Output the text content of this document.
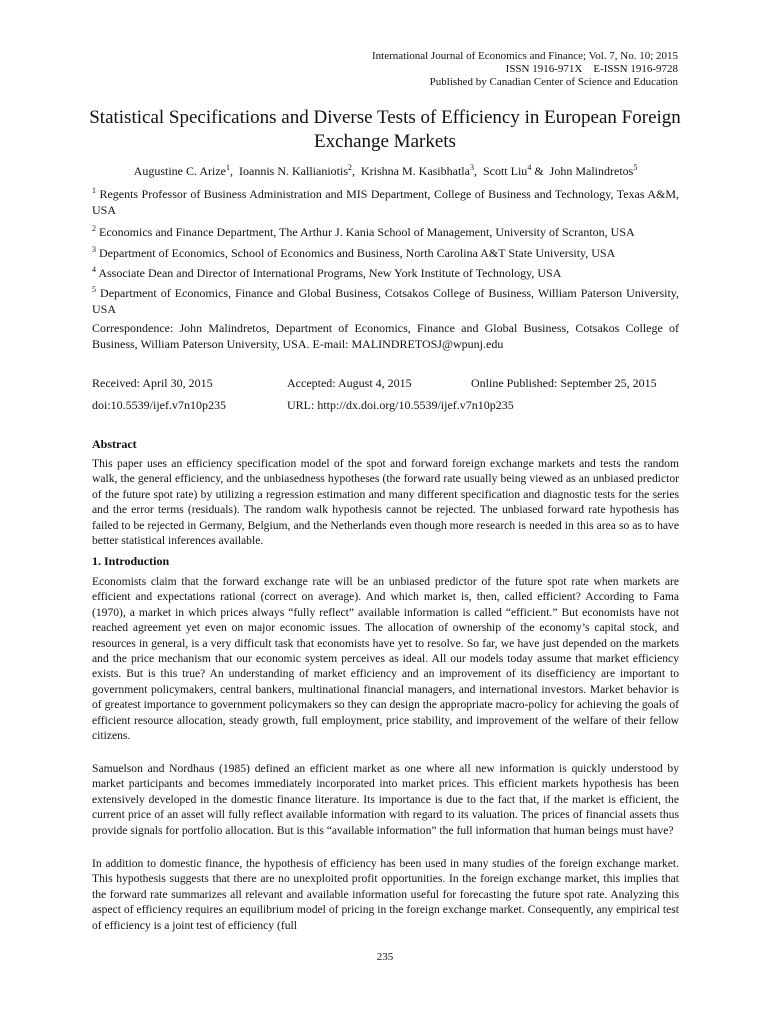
International Journal of Economics and Finance; Vol. 7, No. 10; 2015
ISSN 1916-971X    E-ISSN 1916-9728
Published by Canadian Center of Science and Education
Statistical Specifications and Diverse Tests of Efficiency in European Foreign Exchange Markets
Augustine C. Arize$^1$,  Ioannis N. Kallianiotis$^2$,  Krishna M. Kasibhatla$^3$,  Scott Liu$^4$ &  John Malindretos$^5$
$^1$ Regents Professor of Business Administration and MIS Department, College of Business and Technology, Texas A&M, USA
$^2$ Economics and Finance Department, The Arthur J. Kania School of Management, University of Scranton, USA
$^3$ Department of Economics, School of Economics and Business, North Carolina A&T State University, USA
$^4$ Associate Dean and Director of International Programs, New York Institute of Technology, USA
$^5$ Department of Economics, Finance and Global Business, Cotsakos College of Business, William Paterson University, USA
Correspondence: John Malindretos, Department of Economics, Finance and Global Business, Cotsakos College of Business, William Paterson University, USA. E-mail: MALINDRETOSJ@wpunj.edu
Received: April 30, 2015	Accepted: August 4, 2015	Online Published: September 25, 2015
doi:10.5539/ijef.v7n10p235	URL: http://dx.doi.org/10.5539/ijef.v7n10p235
Abstract

This paper uses an efficiency specification model of the spot and forward foreign exchange markets and tests the random walk, the general efficiency, and the unbiasedness hypotheses (the forward rate usually being viewed as an unbiased predictor of the future spot rate) by utilizing a regression estimation and many different specification and diagnostic tests for the series and the error terms (residuals). The random walk hypothesis cannot be rejected. The unbiased forward rate hypothesis has failed to be rejected in Germany, Belgium, and the Netherlands even though more research is needed in this area so as to have better statistical inferences available.

1. Introduction

Economists claim that the forward exchange rate will be an unbiased predictor of the future spot rate when markets are efficient and expectations rational (correct on average). And which market is, then, called efficient? According to Fama (1970), a market in which prices always “fully reflect” available information is called “efficient.” But economists have not reached agreement yet even on major economic issues. The allocation of ownership of the economy’s capital stock, and resources in general, is a very difficult task that economists have yet to resolve. So far, we have just depended on the markets and the price mechanism that our economic system perceives as ideal. All our models today assume that market efficiency exists. But is this true? An understanding of market efficiency and an improvement of its disefficiency are important to government policymakers, central bankers, multinational financial managers, and international investors. Market behavior is of greatest importance to government policymakers so they can design the appropriate macro-policy for achieving the goals of efficient resource allocation, steady growth, full employment, price stability, and improvement of the welfare of their fellow citizens.

Samuelson and Nordhaus (1985) defined an efficient market as one where all new information is quickly understood by market participants and becomes immediately incorporated into market prices. This efficient markets hypothesis has been extensively developed in the domestic finance literature. Its importance is due to the fact that, if the market is efficient, the current price of an asset will fully reflect available information with regard to its valuation. The prices of financial assets thus provide signals for portfolio allocation. But is this “available information” the full information that human beings must have?

In addition to domestic finance, the hypothesis of efficiency has been used in many studies of the foreign exchange market. This hypothesis suggests that there are no unexploited profit opportunities. In the foreign exchange market, this implies that the forward rate summarizes all relevant and available information useful for forecasting the future spot rate. Analyzing this aspect of efficiency requires an equilibrium model of pricing in the foreign exchange market. Consequently, any empirical test of efficiency is a joint test of efficiency (full

235
